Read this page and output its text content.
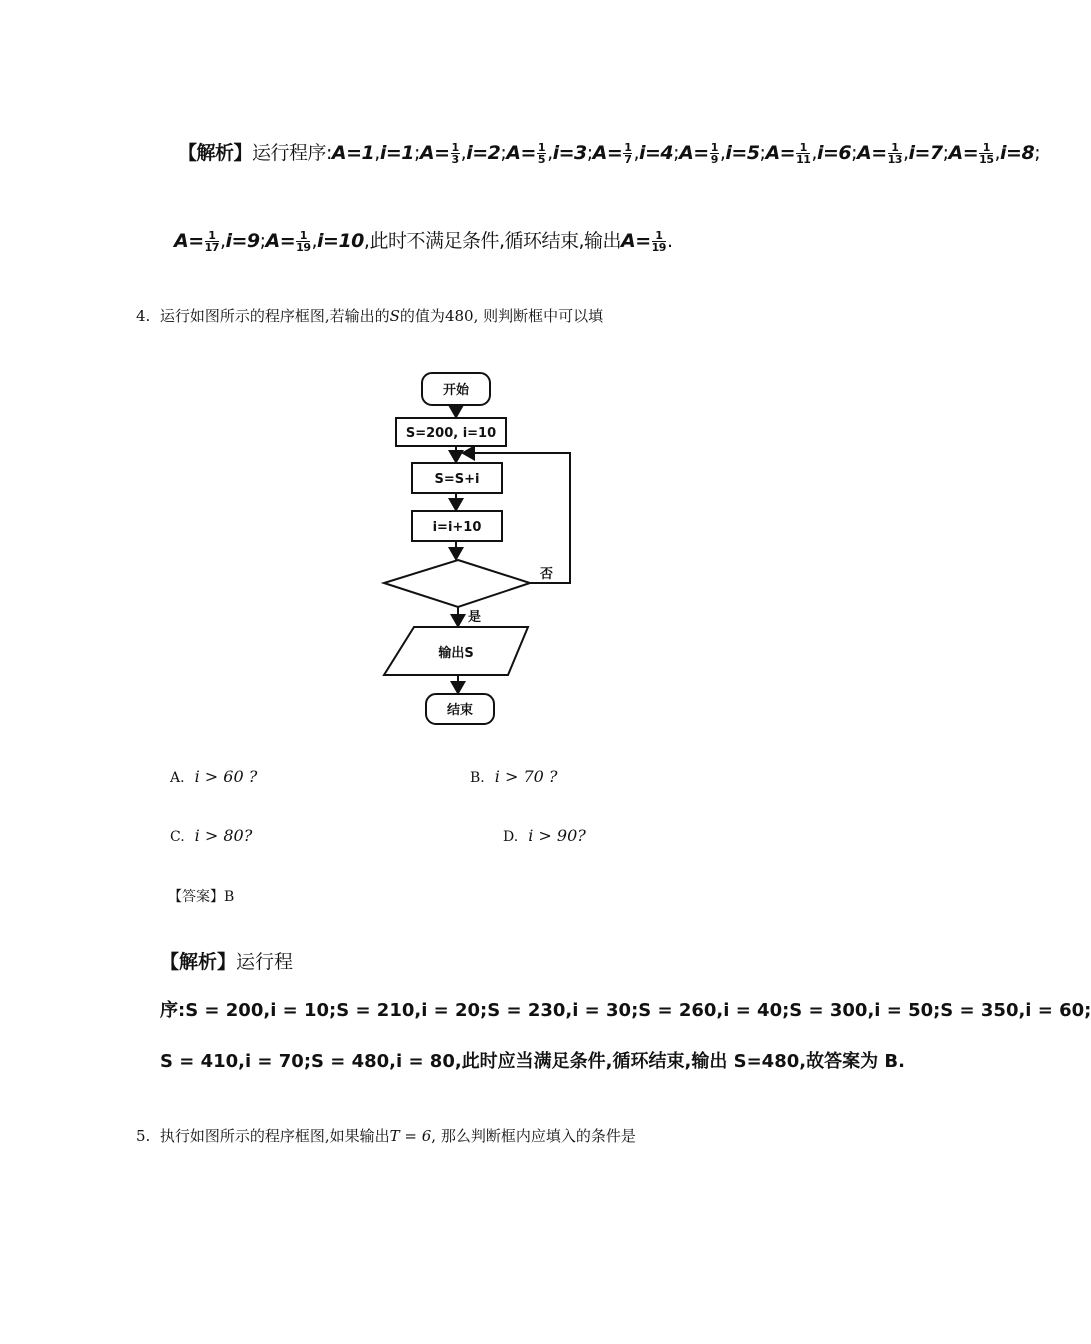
【解析】运行程序:A=1,i=1;A= $\frac{1}{3}$ ,i=2;A= $\frac{1}{5}$ ,i=3;A= $\frac{1}{7}$ ,i=4;A= $\frac{1}{9}$ ,i=5;A= $\frac{1}{11}$ ,i=6;A= $\frac{1}{13}$ ,i=7;A= $\frac{1}{15} ,i=8$;
$A= \frac{1}{17}$ ,i=9;A= $\frac{1}{19} ,i=10$,此时不满足条件,循环结束,输出$A= \frac{1}{19}$ .
4. 运行如图所示的程序框图,若输出的S的值为480, 则判断框中可以填
开始
S=200, i=10
S=S+i
i=i+10
否
是
输出S
结束
A. i > 60 ?	B. i > 70 ?
C. i > 80?	D. i > 90?
【答案】B
【解析】运行程
序:S = 200,i = 10;S = 210,i = 20;S = 230,i = 30;S = 260,i = 40;S = 300,i = 50;S = 350,i = 60;
S = 410,i = 70;S = 480,i = 80,此时应当满足条件,循环结束,输出 S=480,故答案为 B.
5. 执行如图所示的程序框图,如果输出T = 6, 那么判断框内应填入的条件是
